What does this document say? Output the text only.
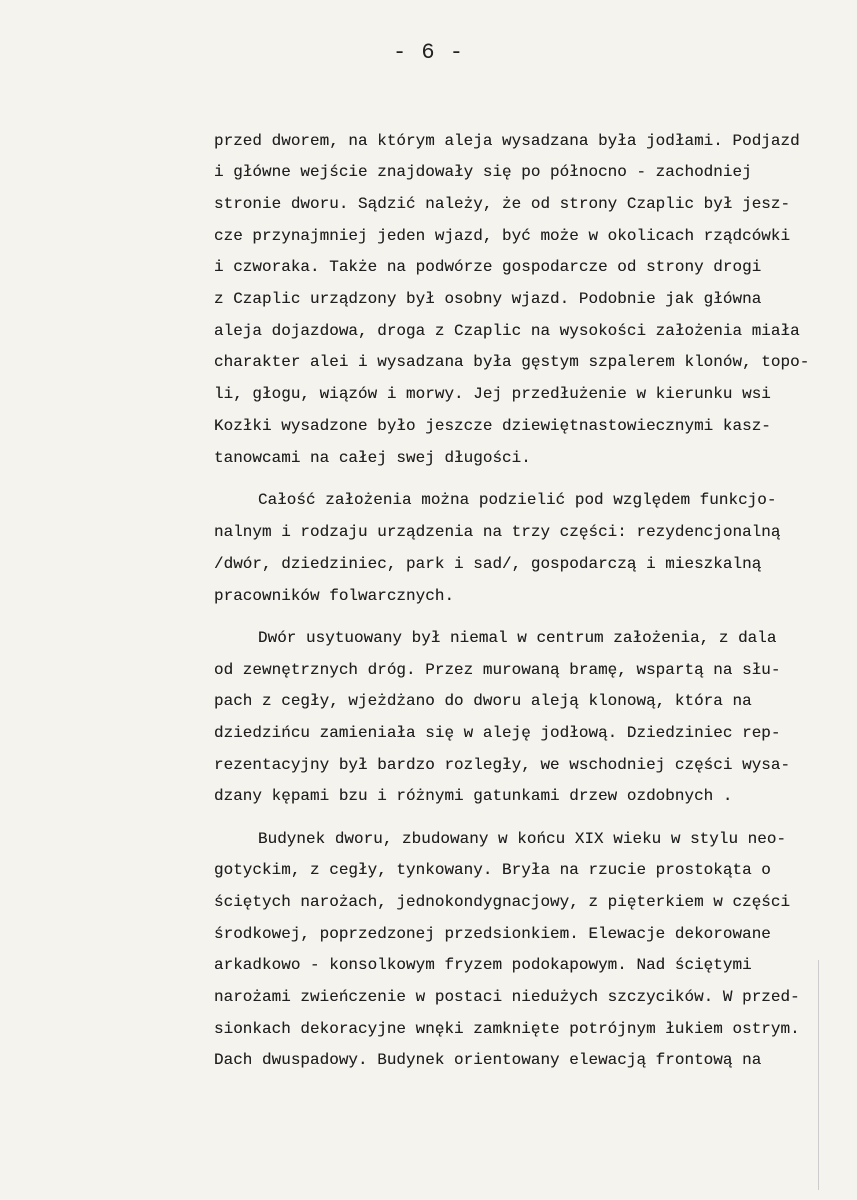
- 6 -
przed dworem, na którym aleja wysadzana była jodłami. Podjazd
i główne wejście znajdowały się po północno - zachodniej
stronie dworu. Sądzić należy, że od strony Czaplic był jesz-
cze przynajmniej jeden wjazd, być może w okolicach rządcówki
i czworaka. Także na podwórze gospodarcze od strony drogi
z Czaplic urządzony był osobny wjazd. Podobnie jak główna
aleja dojazdowa, droga z Czaplic na wysokości założenia miała
charakter alei i wysadzana była gęstym szpalerem klonów, topo-
li, głogu, wiązów i morwy. Jej przedłużenie w kierunku wsi
Kozłki wysadzone było jeszcze dziewiętnastowiecznymi kasz-
tanowcami na całej swej długości.
Całość założenia można podzielić pod względem funkcjo-
nalnym i rodzaju urządzenia na trzy części: rezydencjonalną
/dwór, dziedziniec, park i sad/, gospodarczą i mieszkalną
pracowników folwarcznych.
Dwór usytuowany był niemal w centrum założenia, z dala
od zewnętrznych dróg. Przez murowaną bramę, wspartą na słu-
pach z cegły, wjeżdżano do dworu aleją klonową, która na
dziedzińcu zamieniała się w aleję jodłową. Dziedziniec rep-
rezentacyjny był bardzo rozległy, we wschodniej części wysa-
dzany kępami bzu i różnymi gatunkami drzew ozdobnych .
Budynek dworu, zbudowany w końcu XIX wieku w stylu neo-
gotyckim, z cegły, tynkowany. Bryła na rzucie prostokąta o
ściętych narożach, jednokondygnacjowy, z pięterkiem w części
środkowej, poprzedzonej przedsionkiem. Elewacje dekorowane
arkadkowo - konsolkowym fryzem podokapowym. Nad ściętymi
narożami zwieńczenie w postaci niedużych szczycików. W przed-
sionkach dekoracyjne wnęki zamknięte potrójnym łukiem ostrym.
Dach dwuspadowy. Budynek orientowany elewacją frontową na
